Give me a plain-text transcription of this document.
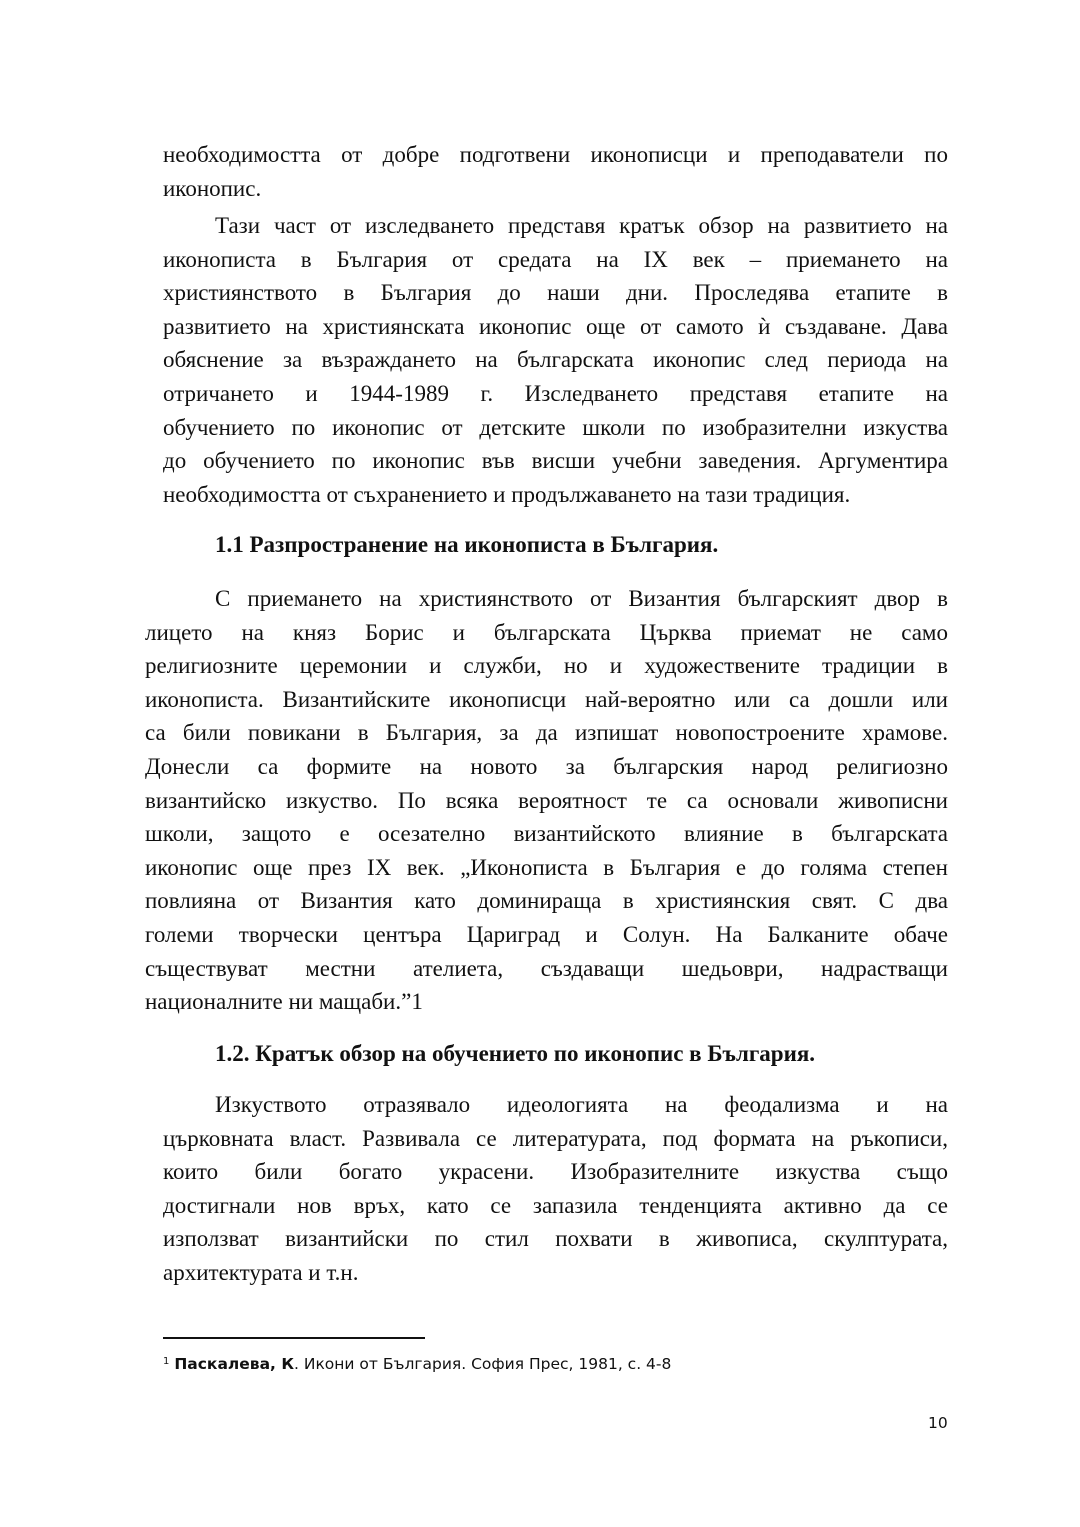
необходимостта от добре подготвени иконописци и преподаватели по
иконопис.
Тази част от изследването представя кратък обзор на развитието на
иконописта в България от средата на IX век – приемането на
християнството в България до наши дни. Проследява етапите в
развитието на християнската иконопис още от самото ѝ създаване. Дава
обяснение за възраждането на българската иконопис след периода на
отричането и 1944-1989 г. Изследването представя етапите на
обучението по иконопис от детските школи по изобразителни изкуства
до обучението по иконопис във висши учебни заведения. Аргументира
необходимостта от съхранението и продължаването на тази традиция.
С приемането на християнството от Византия българският двор в
лицето на княз Борис и българската Църква приемат не само
религиозните церемонии и служби, но и художествените традиции в
иконописта. Византийските иконописци най-вероятно или са дошли или
са били повикани в България, за да изпишат новопостроените храмове.
Донесли са формите на новото за българския народ религиозно
византийско изкуство. По всяка вероятност те са основали живописни
школи, защото е осезателно византийското влияние в българската
иконопис още през IX век. „Иконописта в България е до голяма степен
повлияна от Византия като доминираща в християнския свят. С два
големи творчески центъра Цариград и Солун. На Балканите обаче
съществуват местни ателиета, създаващи шедьоври, надрастващи
националните ни мащаби.”1
Изкуството отразявало идеологията на феодализма и на
църковната власт. Развивала се литературата, под формата на ръкописи,
които били богато украсени. Изобразителните изкуства също
достигнали нов връх, като се запазила тенденцията активно да се
използват византийски по стил похвати в живописа, скулптурата,
архитектурата и т.н.
1.1 Разпространение на иконописта в България.
1.2. Кратък обзор на обучението по иконопис в България.
$^1$ Паскалева, К. Икони от България. София Прес, 1981, с. 4-8
10
